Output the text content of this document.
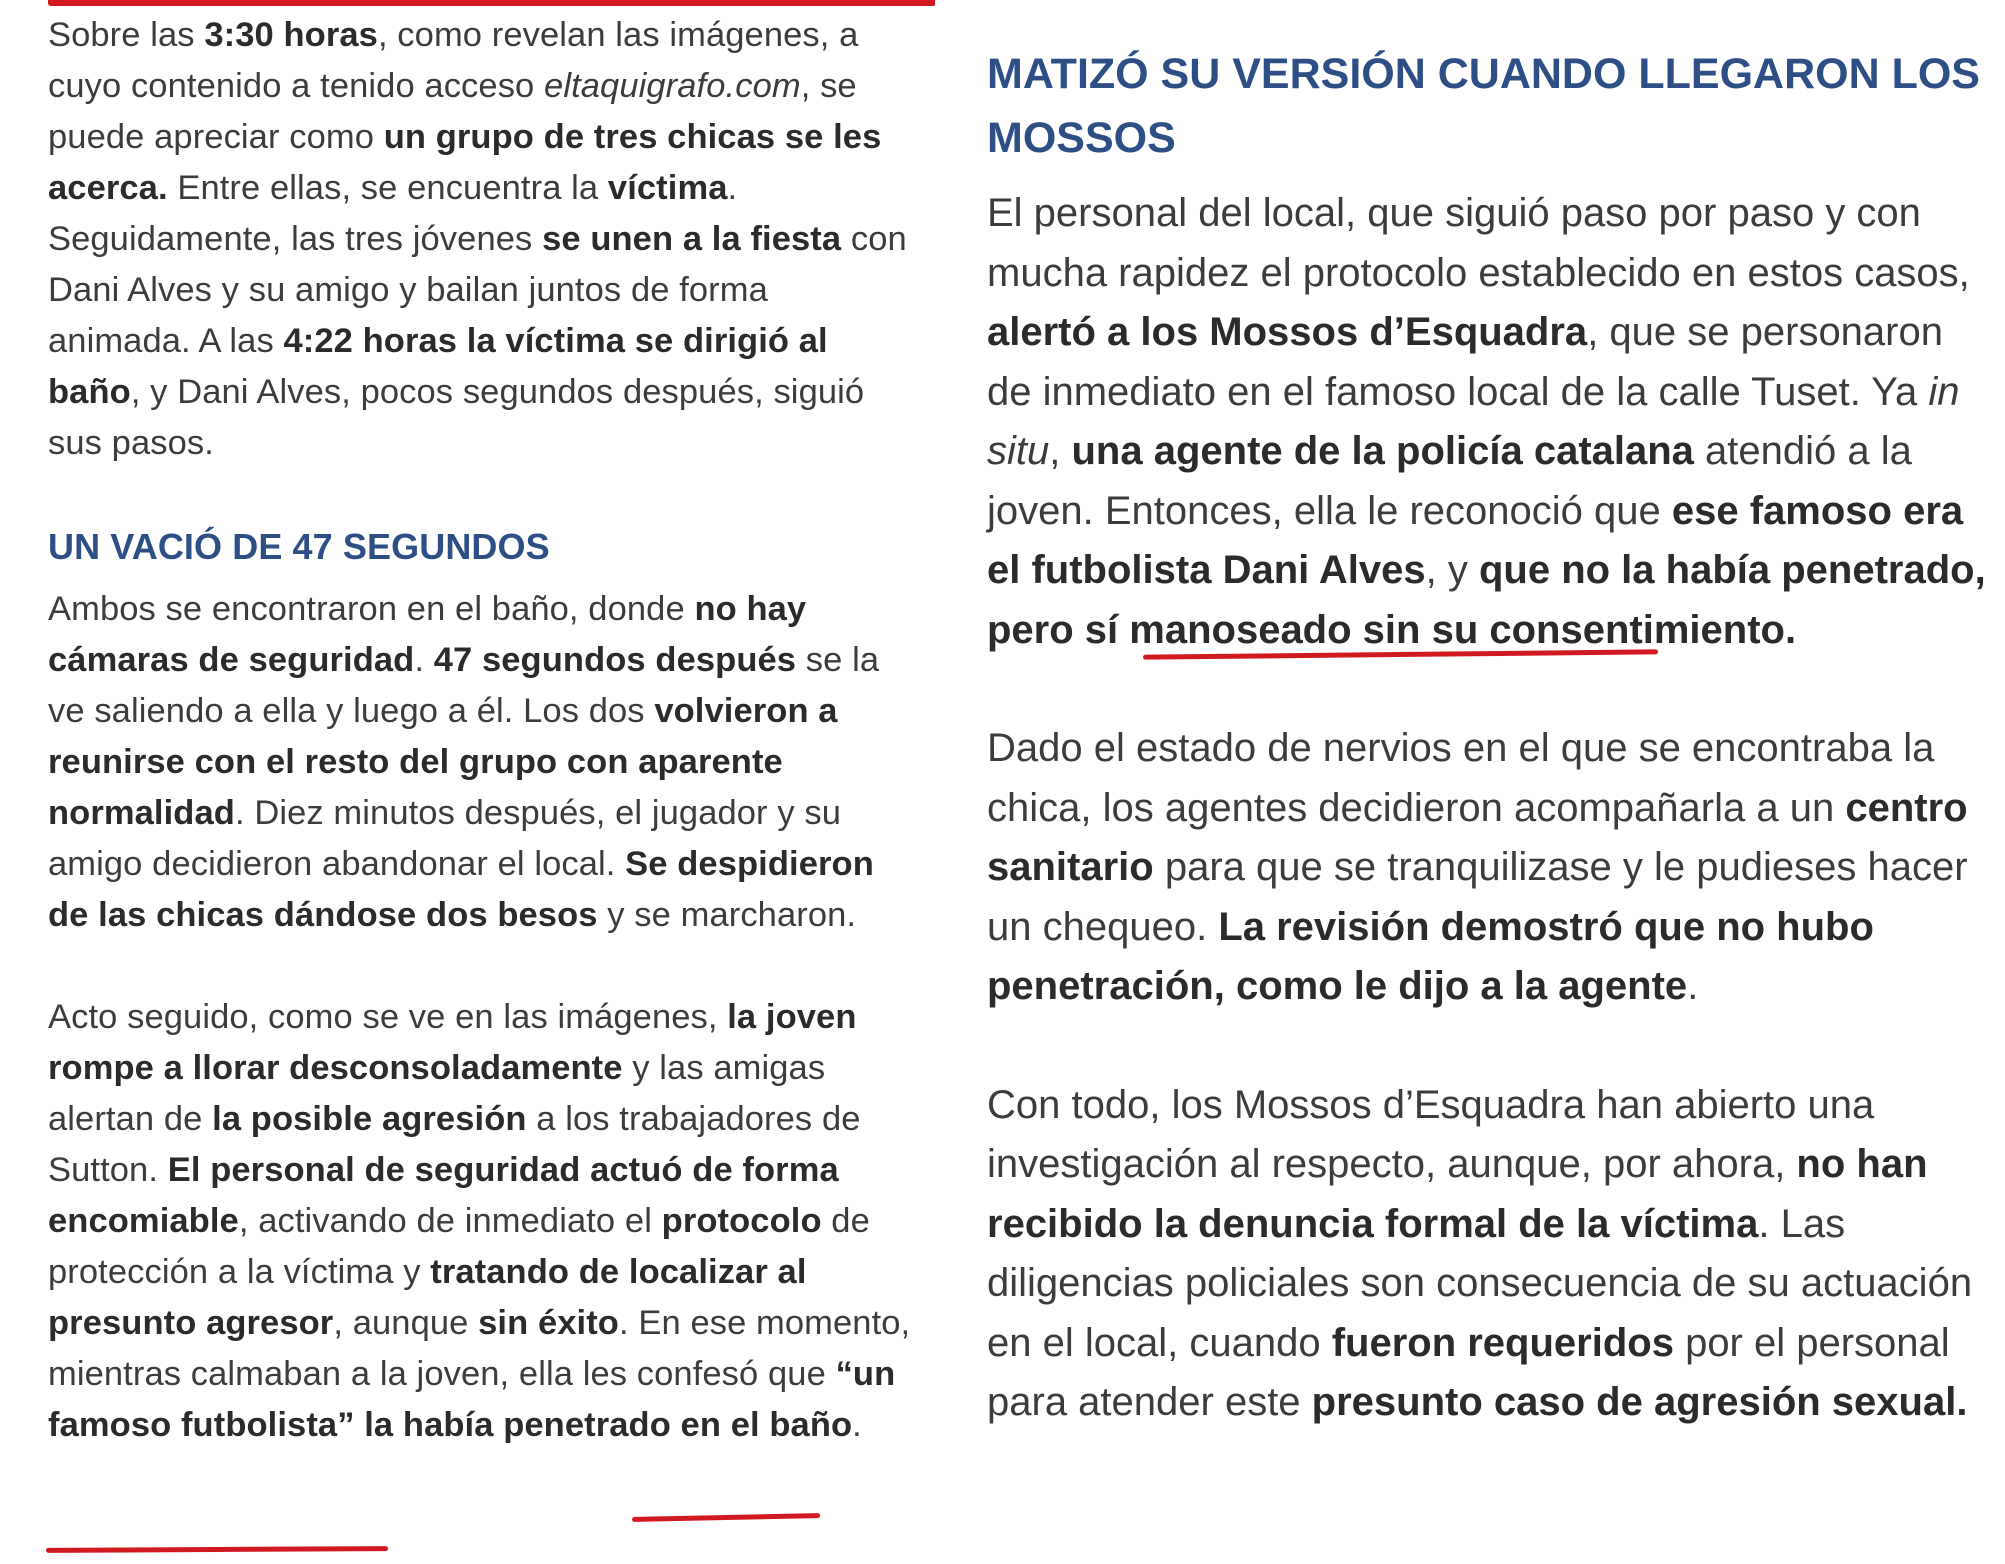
Sobre las 3:30 horas, como revelan las imágenes, a cuyo contenido a tenido acceso eltaquigrafo.com, se puede apreciar como un grupo de tres chicas se les acerca. Entre ellas, se encuentra la víctima. Seguidamente, las tres jóvenes se unen a la fiesta con Dani Alves y su amigo y bailan juntos de forma animada. A las 4:22 horas la víctima se dirigió al baño, y Dani Alves, pocos segundos después, siguió sus pasos.

UN VACIÓ DE 47 SEGUNDOS

Ambos se encontraron en el baño, donde no hay cámaras de seguridad. 47 segundos después se la ve saliendo a ella y luego a él. Los dos volvieron a reunirse con el resto del grupo con aparente normalidad. Diez minutos después, el jugador y su amigo decidieron abandonar el local. Se despidieron de las chicas dándose dos besos y se marcharon.

Acto seguido, como se ve en las imágenes, la joven rompe a llorar desconsoladamente y las amigas alertan de la posible agresión a los trabajadores de Sutton. El personal de seguridad actuó de forma encomiable, activando de inmediato el protocolo de protección a la víctima y tratando de localizar al presunto agresor, aunque sin éxito. En ese momento, mientras calmaban a la joven, ella les confesó que “un famoso futbolista” la había penetrado en el baño.

MATIZÓ SU VERSIÓN CUANDO LLEGARON LOS MOSSOS

El personal del local, que siguió paso por paso y con mucha rapidez el protocolo establecido en estos casos, alertó a los Mossos d’Esquadra, que se personaron de inmediato en el famoso local de la calle Tuset. Ya in situ, una agente de la policía catalana atendió a la joven. Entonces, ella le reconoció que ese famoso era el futbolista Dani Alves, y que no la había penetrado, pero sí manoseado sin su consentimiento.

Dado el estado de nervios en el que se encontraba la chica, los agentes decidieron acompañarla a un centro sanitario para que se tranquilizase y le pudieses hacer un chequeo. La revisión demostró que no hubo penetración, como le dijo a la agente.

Con todo, los Mossos d’Esquadra han abierto una investigación al respecto, aunque, por ahora, no han recibido la denuncia formal de la víctima. Las diligencias policiales son consecuencia de su actuación en el local, cuando fueron requeridos por el personal para atender este presunto caso de agresión sexual.
